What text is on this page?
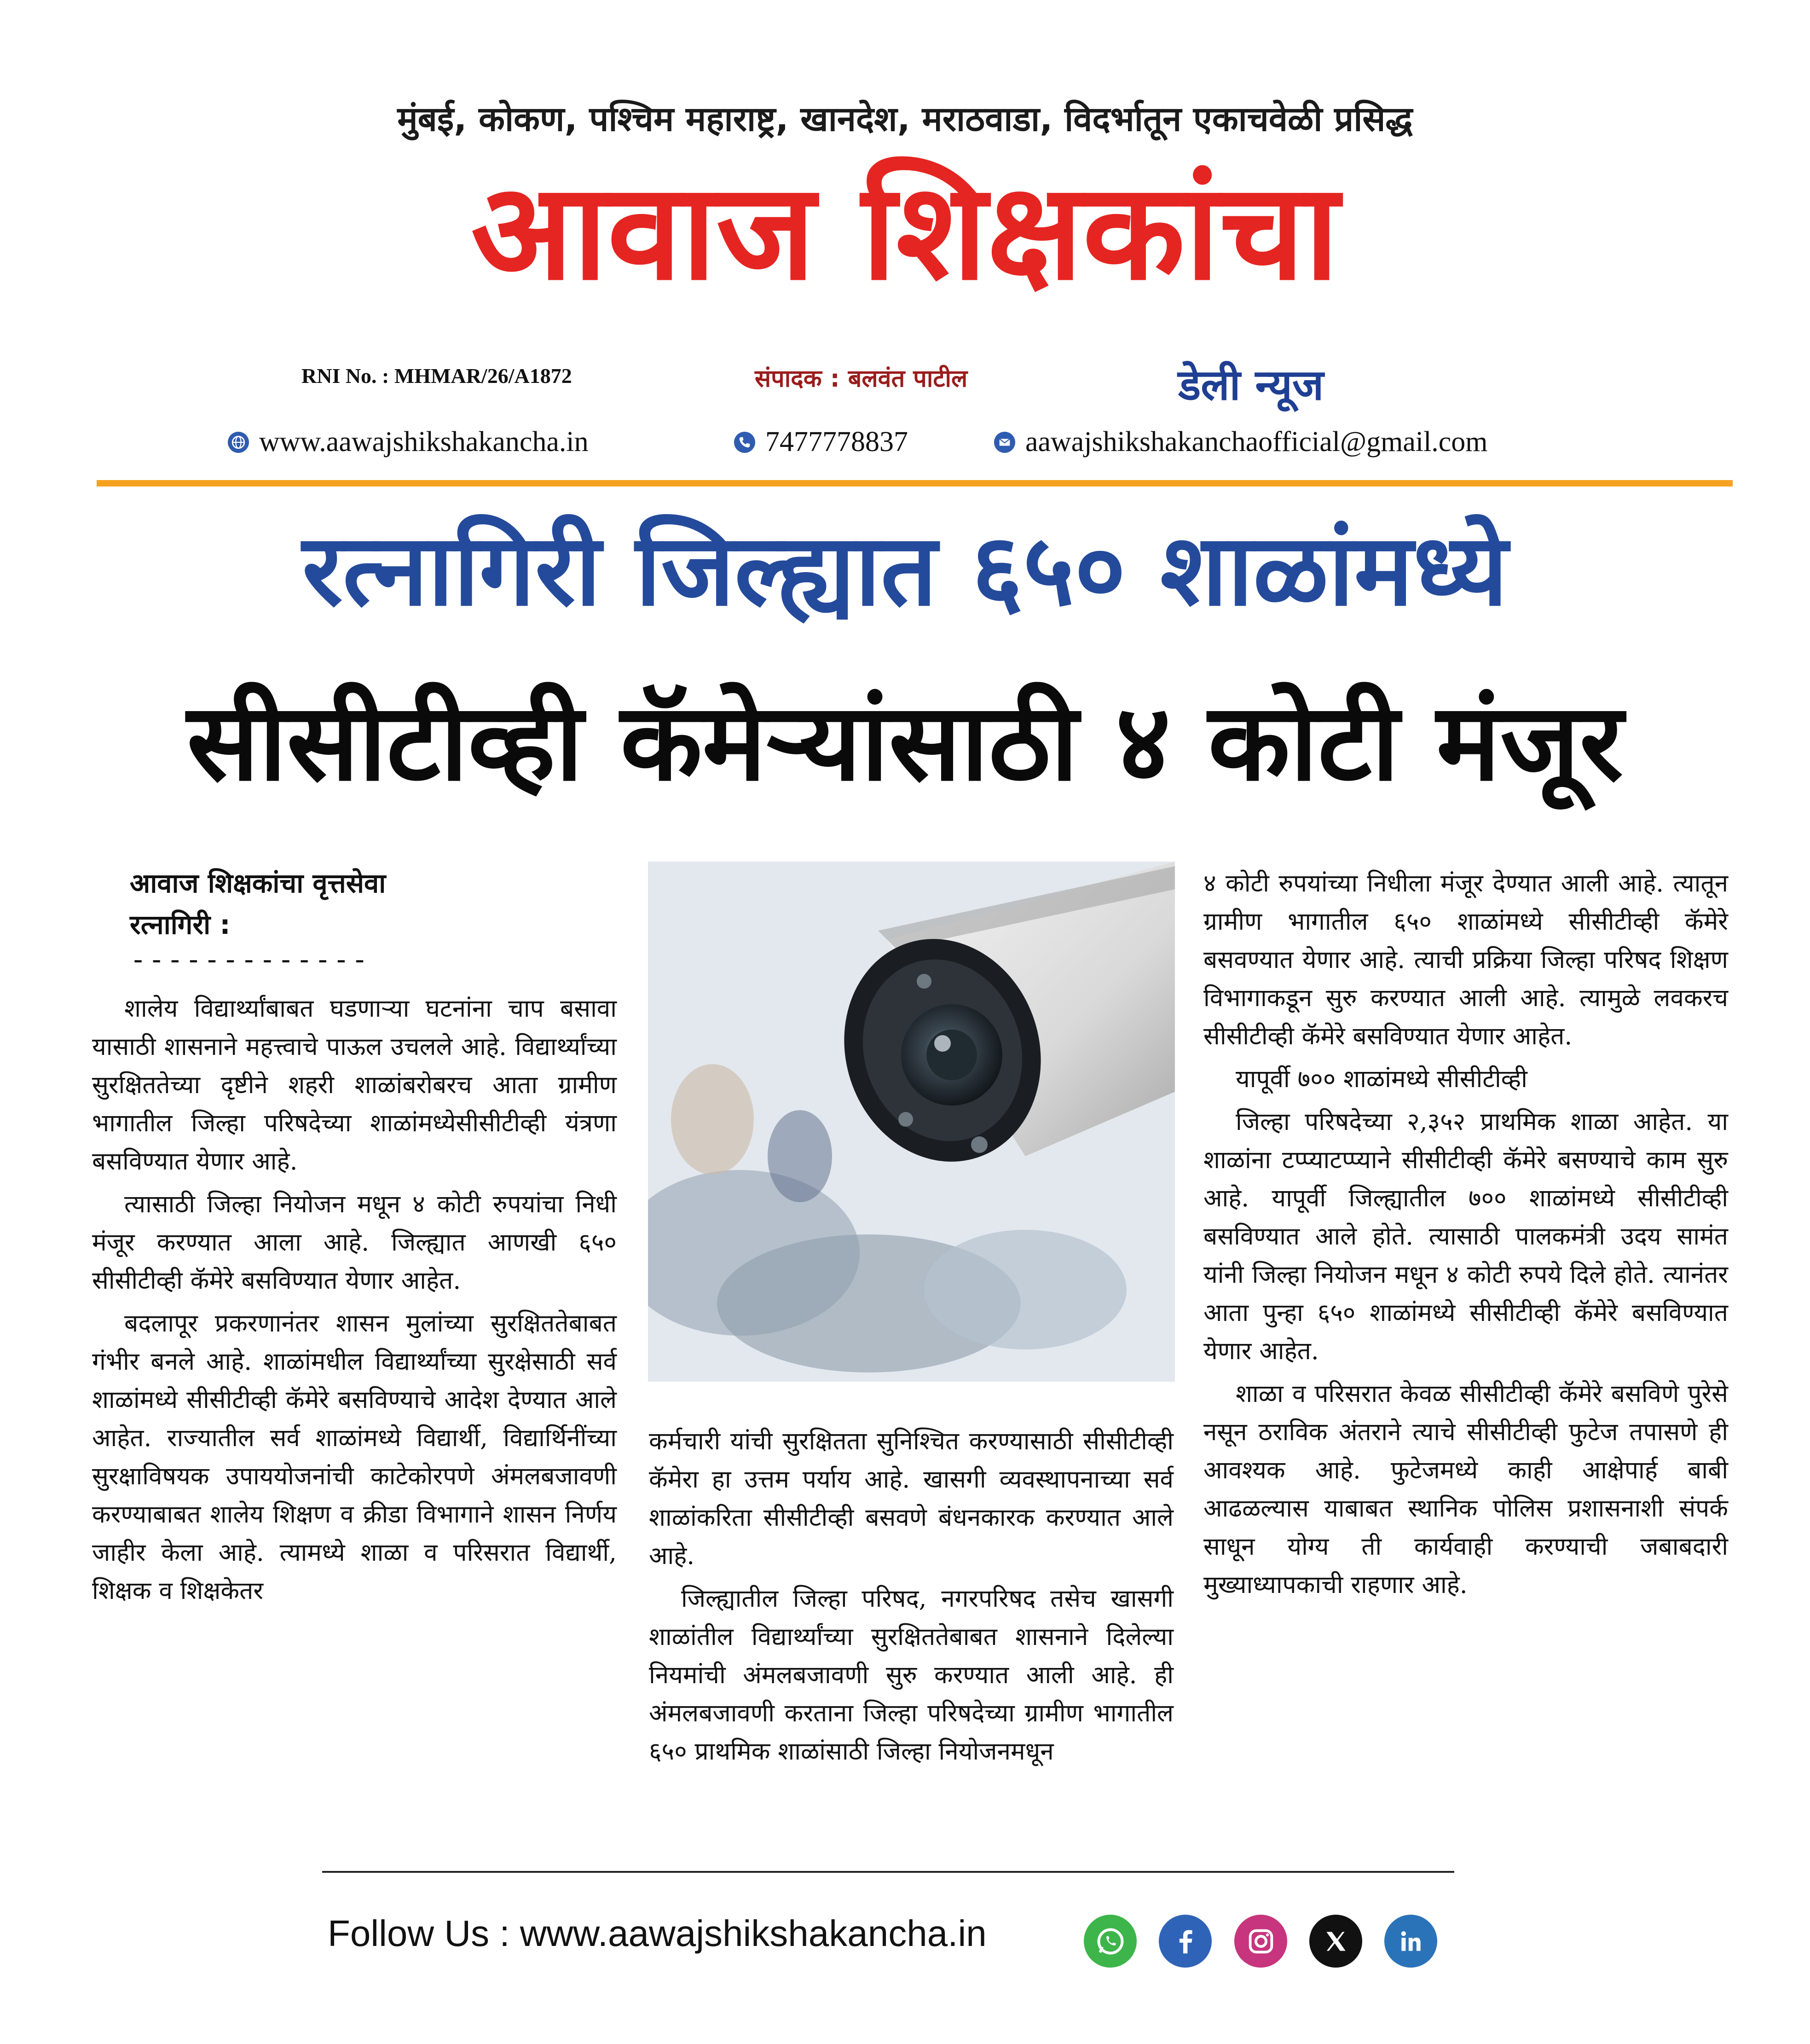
मुंबई, कोकण, पश्चिम महाराष्ट्र, खानदेश, मराठवाडा, विदर्भातून एकाचवेळी प्रसिद्ध
आवाज शिक्षकांचा
RNI No. : MHMAR/26/A1872	संपादक : बलवंत पाटील	डेली न्यूज
www.aawajshikshakancha.in	7477778837	aawajshikshakanchaofficial@gmail.com
रत्नागिरी जिल्ह्यात ६५० शाळांमध्ये
सीसीटीव्ही कॅमेऱ्यांसाठी ४ कोटी मंजूर
आवाज शिक्षकांचा वृत्तसेवा
रत्नागिरी :
-------------

शालेय विद्यार्थ्यांबाबत घडणाऱ्या घटनांना चाप बसावा यासाठी शासनाने महत्त्वाचे पाऊल उचलले आहे. विद्यार्थ्यांच्या सुरक्षिततेच्या दृष्टीने शहरी शाळांबरोबरच आता ग्रामीण भागातील जिल्हा परिषदेच्या शाळांमध्येसीसीटीव्ही यंत्रणा बसविण्यात येणार आहे.

त्यासाठी जिल्हा नियोजन मधून ४ कोटी रुपयांचा निधी मंजूर करण्यात आला आहे. जिल्ह्यात आणखी ६५० सीसीटीव्ही कॅमेरे बसविण्यात येणार आहेत.

बदलापूर प्रकरणानंतर शासन मुलांच्या सुरक्षिततेबाबत गंभीर बनले आहे. शाळांमधील विद्यार्थ्यांच्या सुरक्षेसाठी सर्व शाळांमध्ये सीसीटीव्ही कॅमेरे बसविण्याचे आदेश देण्यात आले आहेत. राज्यातील सर्व शाळांमध्ये विद्यार्थी, विद्यार्थिनींच्या सुरक्षाविषयक उपाययोजनांची काटेकोरपणे अंमलबजावणी करण्याबाबत शालेय शिक्षण व क्रीडा विभागाने शासन निर्णय जाहीर केला आहे. त्यामध्ये शाळा व परिसरात विद्यार्थी, शिक्षक व शिक्षकेतर

कर्मचारी यांची सुरक्षितता सुनिश्चित करण्यासाठी सीसीटीव्ही कॅमेरा हा उत्तम पर्याय आहे. खासगी व्यवस्थापनाच्या सर्व शाळांकरिता सीसीटीव्ही बसवणे बंधनकारक करण्यात आले आहे.

जिल्ह्यातील जिल्हा परिषद, नगरपरिषद तसेच खासगी शाळांतील विद्यार्थ्यांच्या सुरक्षिततेबाबत शासनाने दिलेल्या नियमांची अंमलबजावणी सुरु करण्यात आली आहे. ही अंमलबजावणी करताना जिल्हा परिषदेच्या ग्रामीण भागातील ६५० प्राथमिक शाळांसाठी जिल्हा नियोजनमधून

४ कोटी रुपयांच्या निधीला मंजूर देण्यात आली आहे. त्यातून ग्रामीण भागातील ६५० शाळांमध्ये सीसीटीव्ही कॅमेरे बसवण्यात येणार आहे. त्याची प्रक्रिया जिल्हा परिषद शिक्षण विभागाकडून सुरु करण्यात आली आहे. त्यामुळे लवकरच सीसीटीव्ही कॅमेरे बसविण्यात येणार आहेत.

यापूर्वी ७०० शाळांमध्ये सीसीटीव्ही

जिल्हा परिषदेच्या २,३५२ प्राथमिक शाळा आहेत. या शाळांना टप्प्याटप्प्याने सीसीटीव्ही कॅमेरे बसण्याचे काम सुरु आहे. यापूर्वी जिल्ह्यातील ७०० शाळांमध्ये सीसीटीव्ही बसविण्यात आले होते. त्यासाठी पालकमंत्री उदय सामंत यांनी जिल्हा नियोजन मधून ४ कोटी रुपये दिले होते. त्यानंतर आता पुन्हा ६५० शाळांमध्ये सीसीटीव्ही कॅमेरे बसविण्यात येणार आहेत.

शाळा व परिसरात केवळ सीसीटीव्ही कॅमेरे बसविणे पुरेसे नसून ठराविक अंतराने त्याचे सीसीटीव्ही फुटेज तपासणे ही आवश्यक आहे. फुटेजमध्ये काही आक्षेपार्ह बाबी आढळल्यास याबाबत स्थानिक पोलिस प्रशासनाशी संपर्क साधून योग्य ती कार्यवाही करण्याची जबाबदारी मुख्याध्यापकाची राहणार आहे.

Follow Us : www.aawajshikshakancha.in
